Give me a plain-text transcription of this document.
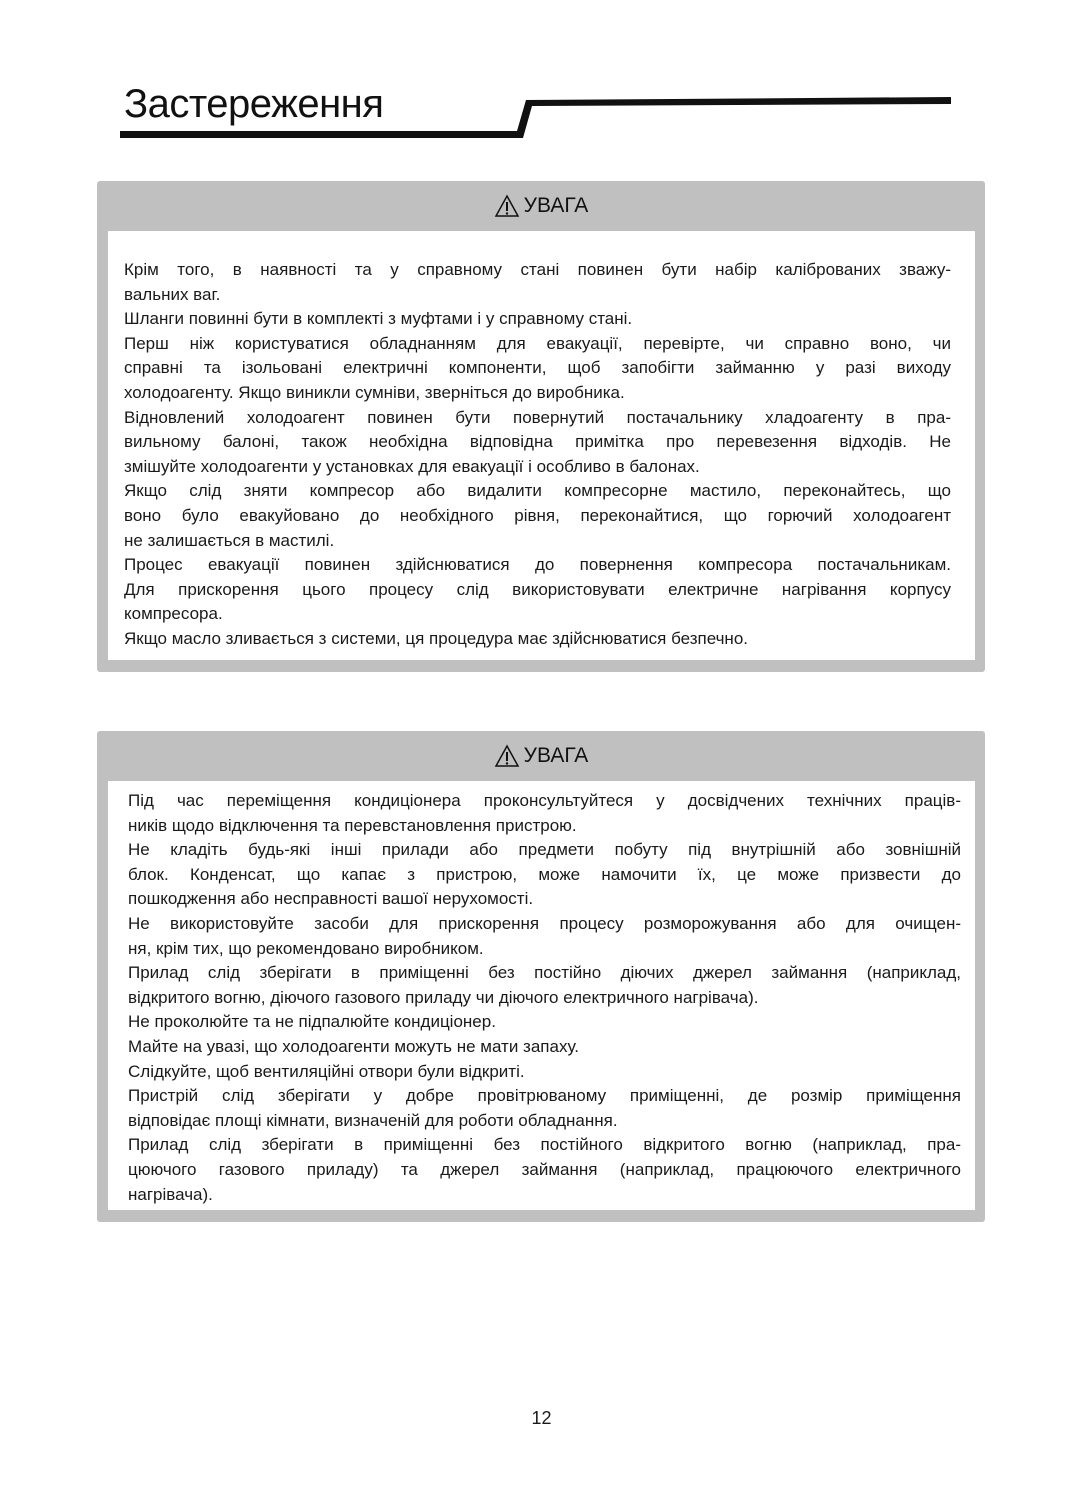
Застереження
УВАГА
Крім того, в наявності та у справному стані повинен бути набір каліброваних зважу-
вальних ваг.
Шланги повинні бути в комплекті з муфтами і у справному стані.
Перш ніж користуватися обладнанням для евакуації, перевірте, чи справно воно, чи
справні та ізольовані електричні компоненти, щоб запобігти займанню у разі виходу
холодоагенту. Якщо виникли сумніви, зверніться до виробника.
Відновлений холодоагент повинен бути повернутий постачальнику хладоагенту в пра-
вильному балоні, також необхідна відповідна примітка про перевезення відходів. Не
змішуйте холодоагенти у установках для евакуації і особливо в балонах.
Якщо слід зняти компресор або видалити компресорне мастило, переконайтесь, що
воно було евакуйовано до необхідного рівня, переконайтися, що горючий холодоагент
не залишається в мастилі.
Процес евакуації повинен здійснюватися до повернення компресора постачальникам.
Для прискорення цього процесу слід використовувати електричне нагрівання корпусу
компресора.
Якщо масло зливається з системи, ця процедура має здійснюватися безпечно.
УВАГА
Під час переміщення кондиціонера проконсультуйтеся у досвідчених технічних праців-
ників щодо відключення та перевстановлення пристрою.
Не кладіть будь-які інші прилади або предмети побуту під внутрішній або зовнішній
блок. Конденсат, що капає з пристрою, може намочити їх, це може призвести до
пошкодження або несправності вашої нерухомості.
Не використовуйте засоби для прискорення процесу розморожування або для очищен-
ня, крім тих, що рекомендовано виробником.
Прилад слід зберігати в приміщенні без постійно діючих джерел займання (наприклад,
відкритого вогню, діючого газового приладу чи діючого електричного нагрівача).
Не проколюйте та не підпалюйте кондиціонер.
Майте на увазі, що холодоагенти можуть не мати запаху.
Слідкуйте, щоб вентиляційні отвори були відкриті.
Пристрій слід зберігати у добре провітрюваному приміщенні, де розмір приміщення
відповідає площі кімнати, визначеній для роботи обладнання.
Прилад слід зберігати в приміщенні без постійного відкритого вогню (наприклад, пра-
цюючого газового приладу) та джерел займання (наприклад, працюючого електричного
нагрівача).
12
